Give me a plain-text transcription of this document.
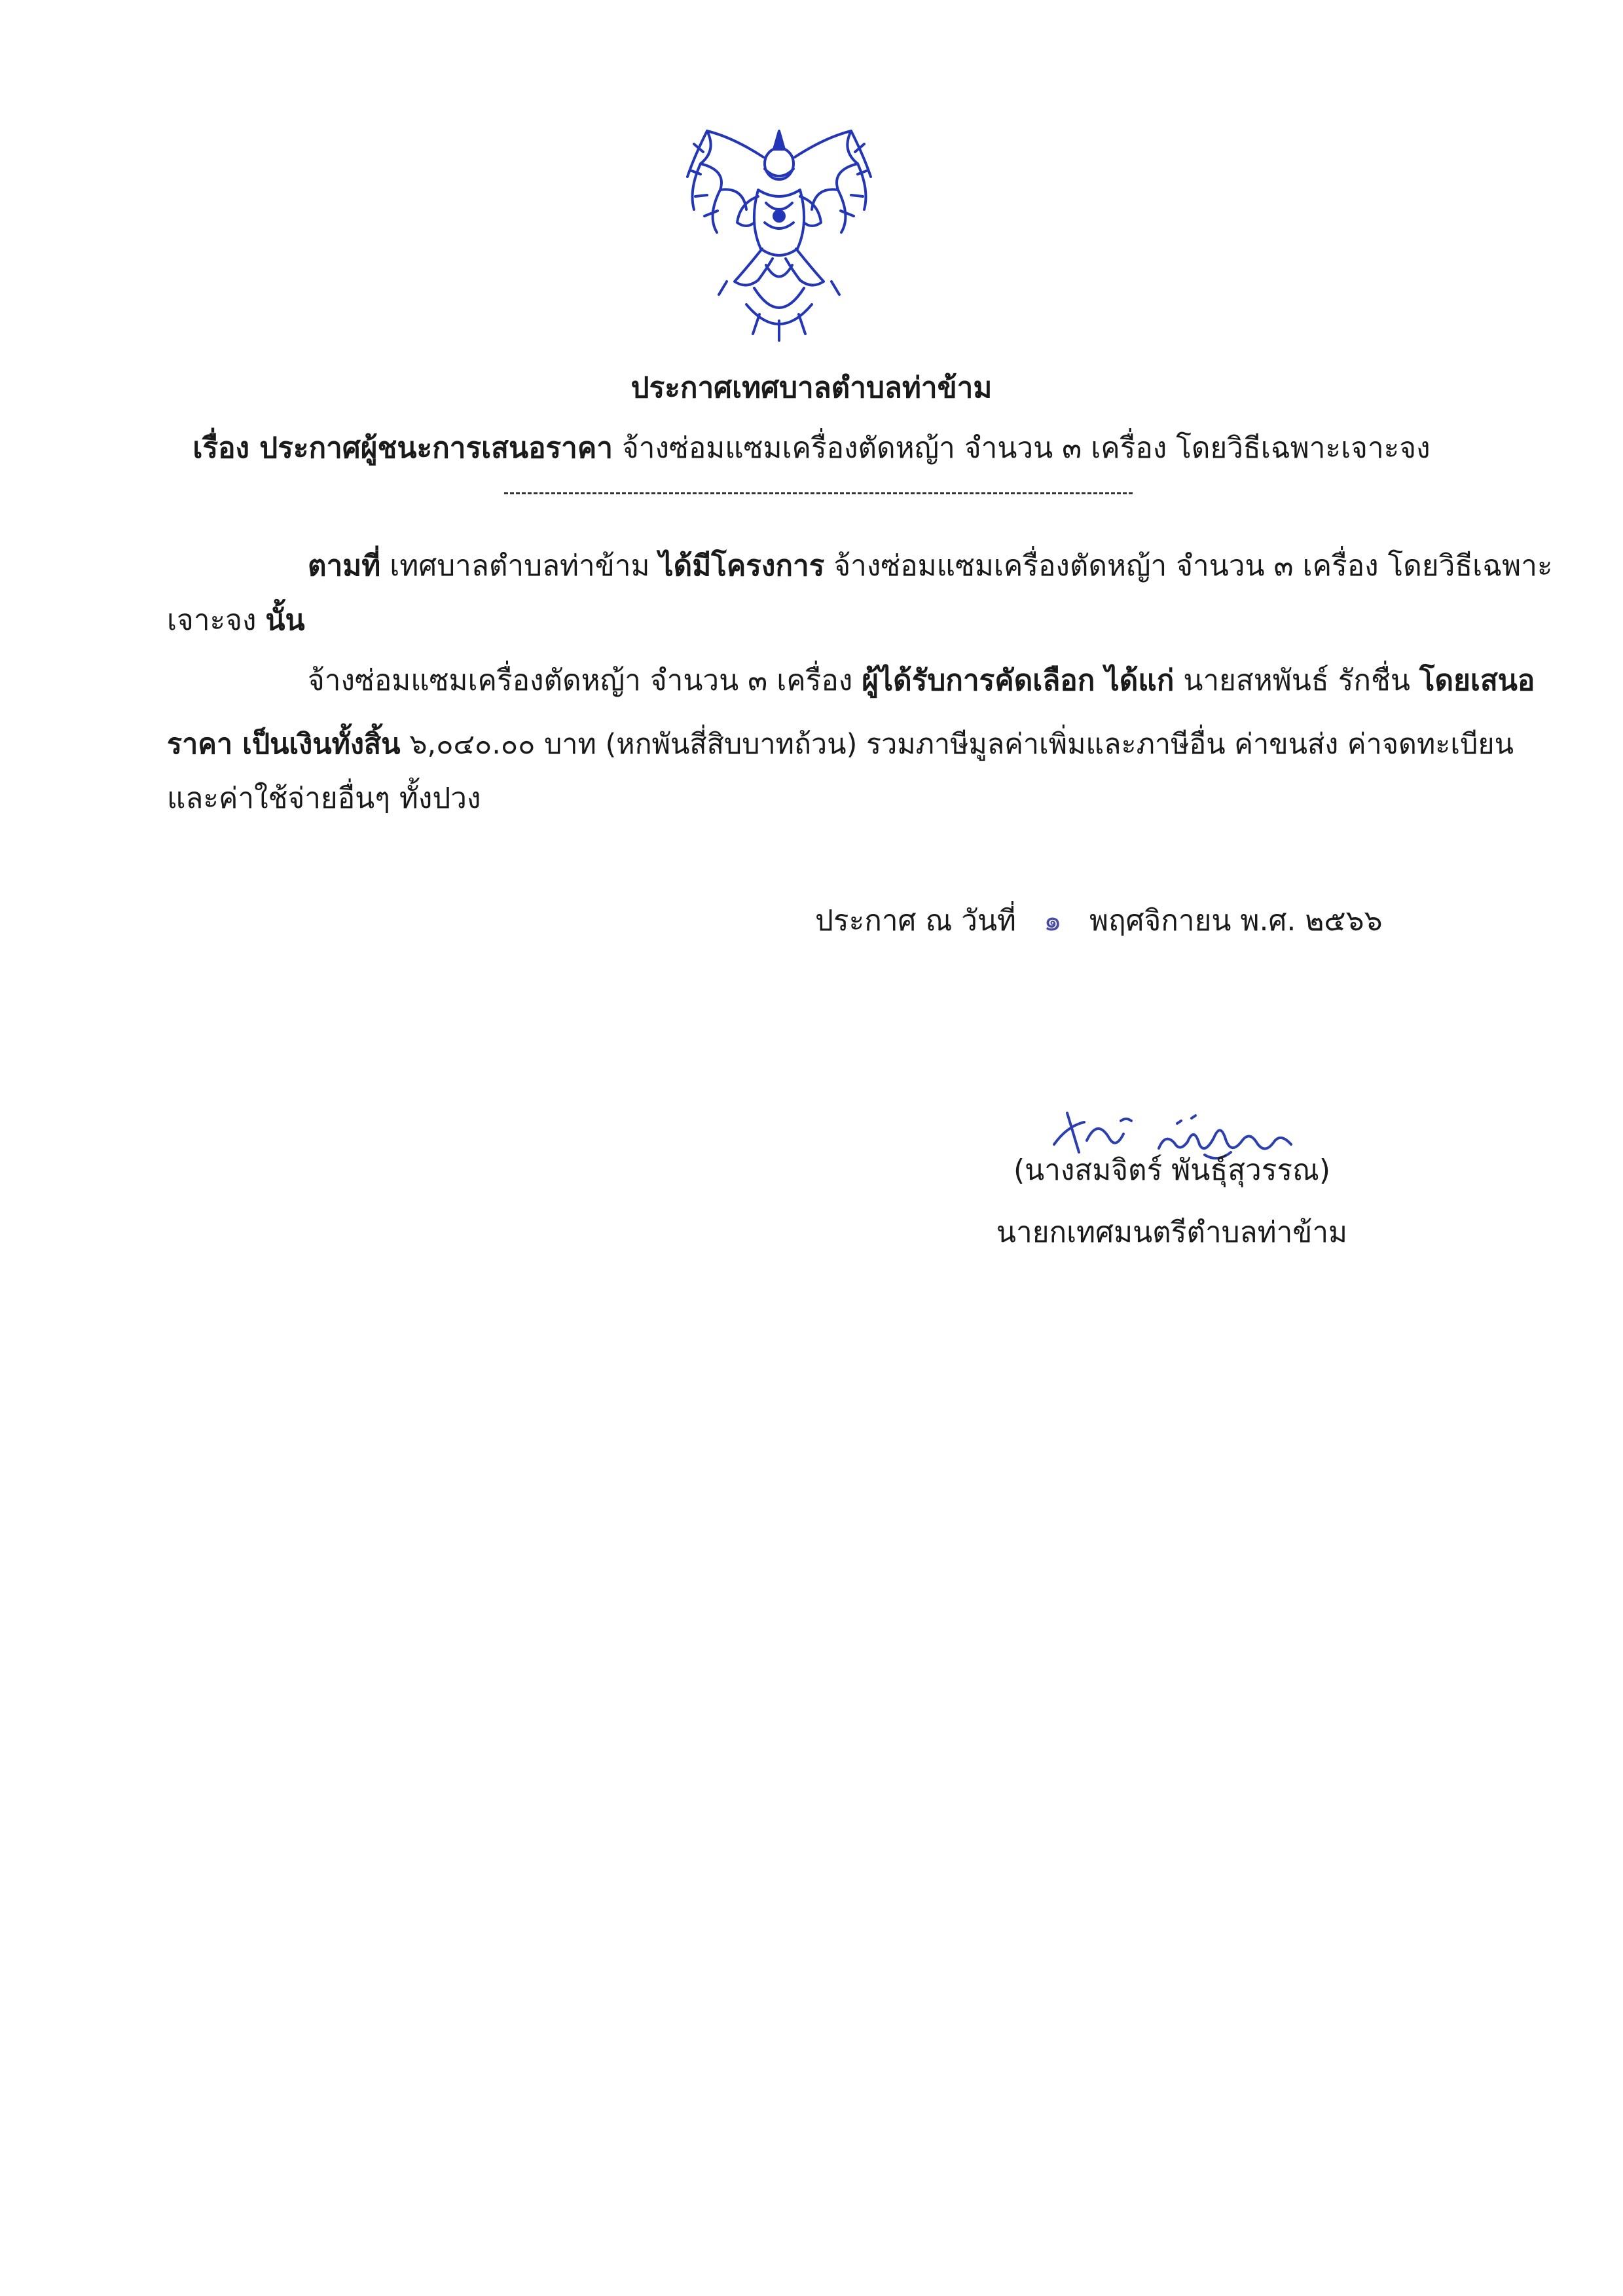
ประกาศเทศบาลตำบลท่าข้าม
เรื่อง ประกาศผู้ชนะการเสนอราคา จ้างซ่อมแซมเครื่องตัดหญ้า จำนวน ๓ เครื่อง โดยวิธีเฉพาะเจาะจง
ตามที่ เทศบาลตำบลท่าข้าม ได้มีโครงการ จ้างซ่อมแซมเครื่องตัดหญ้า จำนวน ๓ เครื่อง โดยวิธีเฉพาะ
เจาะจง นั้น
จ้างซ่อมแซมเครื่องตัดหญ้า จำนวน ๓ เครื่อง ผู้ได้รับการคัดเลือก ได้แก่ นายสหพันธ์ รักชื่น โดยเสนอ
ราคา เป็นเงินทั้งสิ้น ๖,๐๔๐.๐๐ บาท (หกพันสี่สิบบาทถ้วน) รวมภาษีมูลค่าเพิ่มและภาษีอื่น ค่าขนส่ง ค่าจดทะเบียน
และค่าใช้จ่ายอื่นๆ ทั้งปวง
ประกาศ ณ วันที่ ๑ พฤศจิกายน พ.ศ. ๒๕๖๖
(นางสมจิตร์ พันธุ์สุวรรณ)
นายกเทศมนตรีตำบลท่าข้าม
